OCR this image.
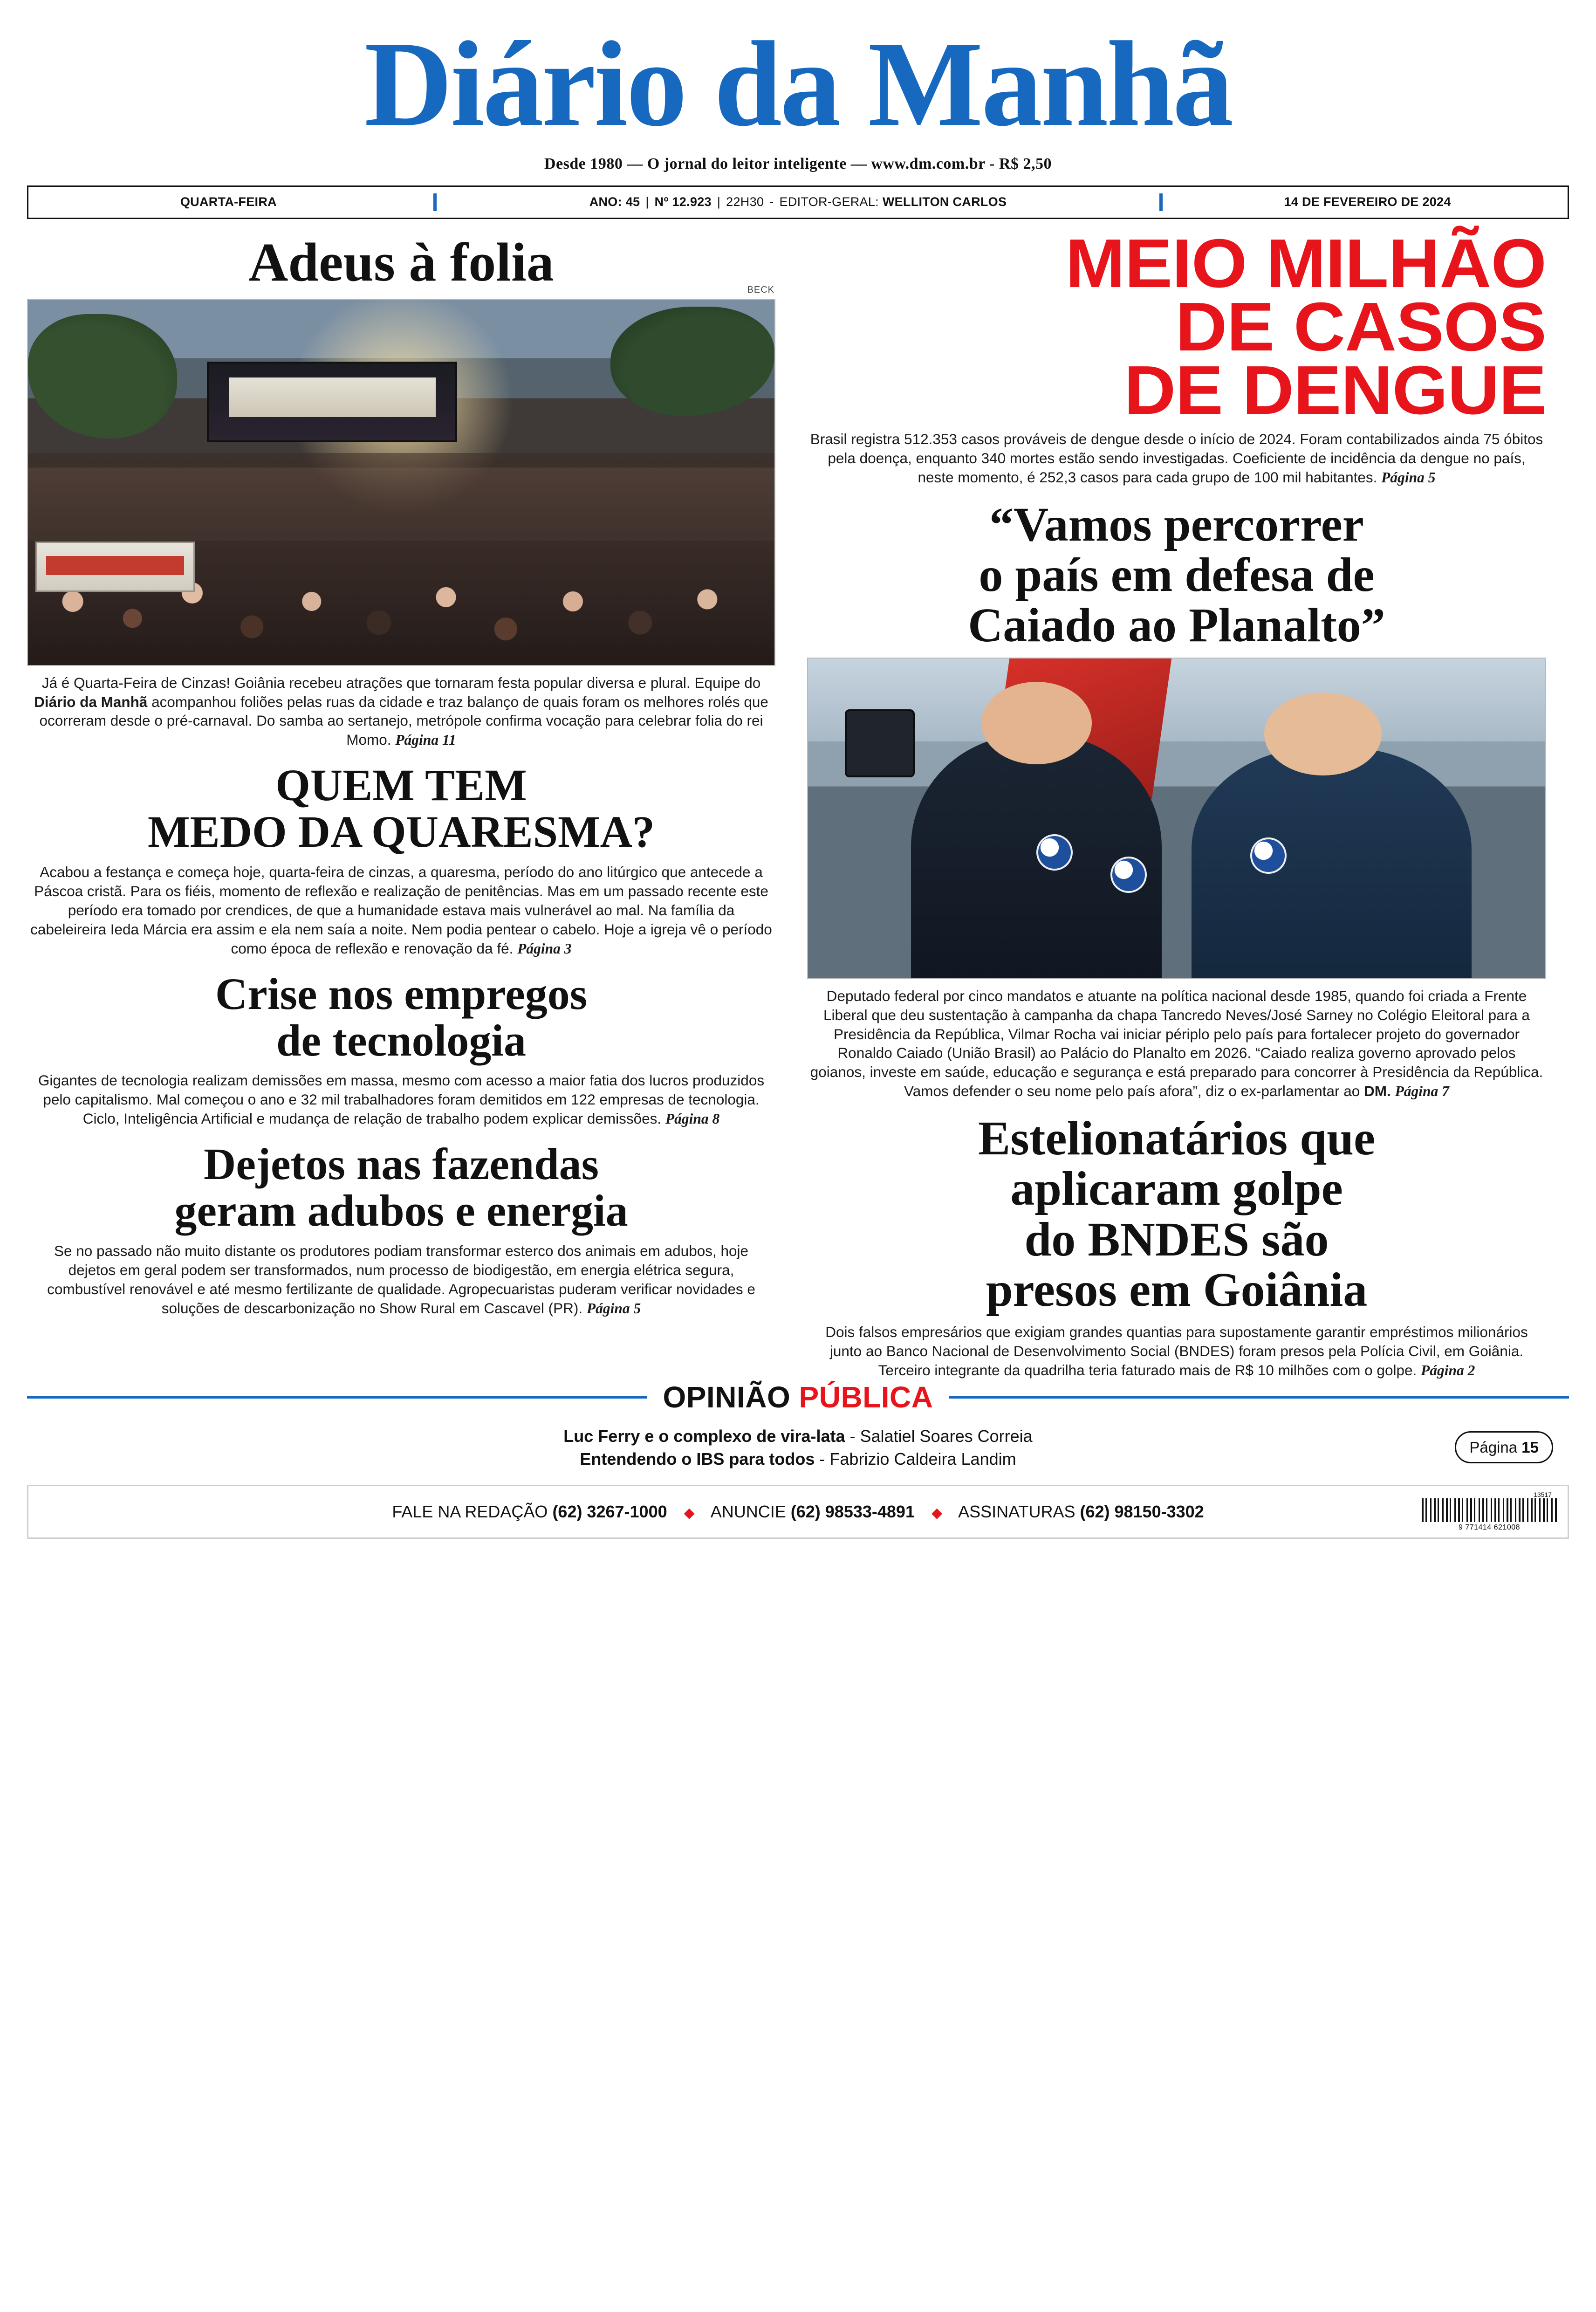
Diário da Manhã
Desde 1980 — O jornal do leitor inteligente — www.dm.com.br - R$ 2,50
QUARTA-FEIRA	ANO:
45 | Nº
12.923 | 22H30 - EDITOR-GERAL:
WELLITON CARLOS	14 DE FEVEREIRO DE 2024
Adeus à folia	BECK

Já é Quarta-Feira de Cinzas! Goiânia recebeu atrações que tornaram festa popular diversa e plural. Equipe do Diário da Manhã acompanhou foliões pelas ruas da cidade e traz balanço de quais foram os melhores rolés que ocorreram desde o pré-carnaval. Do samba ao sertanejo, metrópole confirma vocação para celebrar folia do rei Momo. Página 11

QUEM TEM
MEDO DA QUARESMA?

Acabou a festança e começa hoje, quarta-feira de cinzas, a quaresma, período do ano litúrgico que antecede a Páscoa cristã. Para os fiéis, momento de reflexão e realização de penitências. Mas em um passado recente este período era tomado por crendices, de que a humanidade estava mais vulnerável ao mal. Na família da cabeleireira Ieda Márcia era assim e ela nem saía a noite. Nem podia pentear o cabelo. Hoje a igreja vê o período como época de reflexão e renovação da fé. Página 3

Crise nos empregos
de tecnologia

Gigantes de tecnologia realizam demissões em massa, mesmo com acesso a maior fatia dos lucros produzidos pelo capitalismo. Mal começou o ano e 32 mil trabalhadores foram demitidos em 122 empresas de tecnologia. Ciclo, Inteligência Artificial e mudança de relação de trabalho podem explicar demissões. Página 8

Dejetos nas fazendas
geram adubos e energia

Se no passado não muito distante os produtores podiam transformar esterco dos animais em adubos, hoje dejetos em geral podem ser transformados, num processo de biodigestão, em energia elétrica segura, combustível renovável e até mesmo fertilizante de qualidade. Agropecuaristas puderam verificar novidades e soluções de descarbonização no Show Rural em Cascavel (PR). Página 5

MEIO MILHÃO
DE CASOS
DE DENGUE

Brasil registra 512.353 casos prováveis de dengue desde o início de 2024. Foram contabilizados ainda 75 óbitos pela doença, enquanto 340 mortes estão sendo investigadas. Coeficiente de incidência da dengue no país, neste momento, é 252,3 casos para cada grupo de 100 mil habitantes. Página 5

“Vamos percorrer
o país em defesa de
Caiado ao Planalto”

Deputado federal por cinco mandatos e atuante na política nacional desde 1985, quando foi criada a Frente Liberal que deu sustentação à campanha da chapa Tancredo Neves/José Sarney no Colégio Eleitoral para a Presidência da República, Vilmar Rocha vai iniciar périplo pelo país para fortalecer projeto do governador Ronaldo Caiado (União Brasil) ao Palácio do Planalto em 2026. “Caiado realiza governo aprovado pelos goianos, investe em saúde, educação e segurança e está preparado para concorrer à Presidência da República. Vamos defender o seu nome pelo país afora”, diz o ex-parlamentar ao DM. Página 7

Estelionatários que
aplicaram golpe
do BNDES são
presos em Goiânia

Dois falsos empresários que exigiam grandes quantias para supostamente garantir empréstimos milionários junto ao Banco Nacional de Desenvolvimento Social (BNDES) foram presos pela Polícia Civil, em Goiânia. Terceiro integrante da quadrilha teria faturado mais de R$ 10 milhões com o golpe. Página 2

OPINIÃO PÚBLICA
Luc Ferry e o complexo de vira-lata - Salatiel Soares Correia
Entendendo o IBS para todos - Fabrizio Caldeira Landim
Página 15
FALE NA REDAÇÃO (62) 3267-1000 ◆ ANUNCIE (62) 98533-4891 ◆ ASSINATURAS (62) 98150-3302
13517
9 771414 621008
